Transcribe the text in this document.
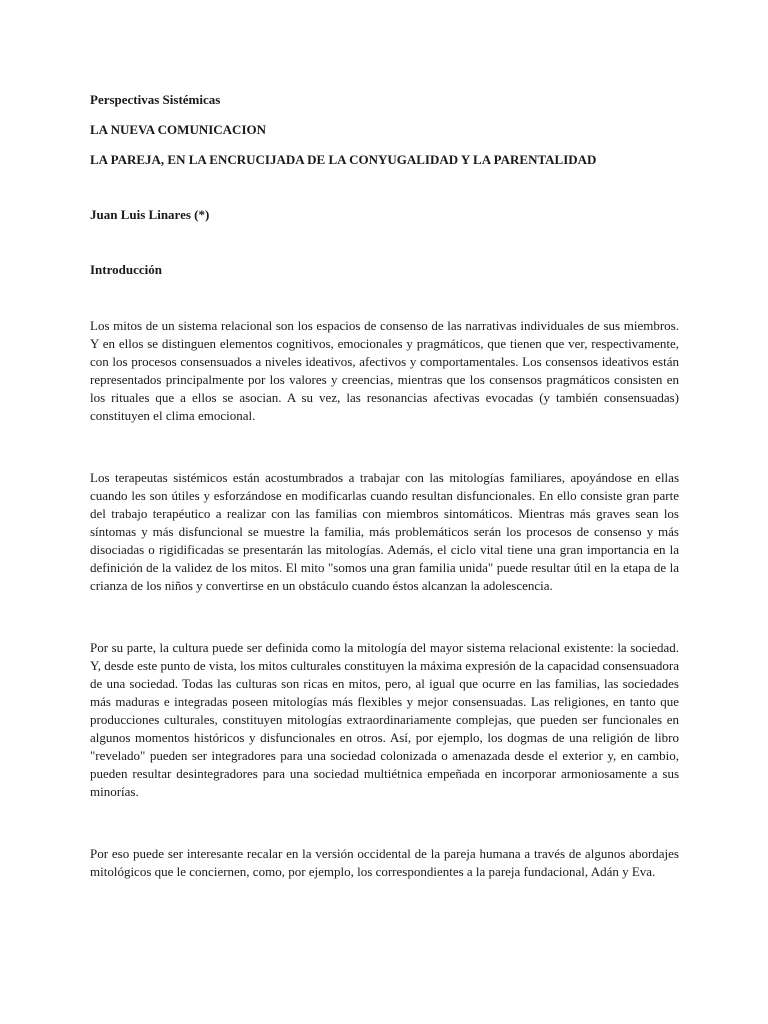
Perspectivas Sistémicas

LA NUEVA COMUNICACION

LA PAREJA, EN LA ENCRUCIJADA DE LA CONYUGALIDAD Y LA PARENTALIDAD

Juan Luis Linares (*)

Introducción

Los mitos de un sistema relacional son los espacios de consenso de las narrativas individuales de sus miembros. Y en ellos se distinguen elementos cognitivos, emocionales y pragmáticos, que tienen que ver, respectivamente, con los procesos consensuados a niveles ideativos, afectivos y comportamentales. Los consensos ideativos están representados principalmente por los valores y creencias, mientras que los consensos pragmáticos consisten en los rituales que a ellos se asocian. A su vez, las resonancias afectivas evocadas (y también consensuadas) constituyen el clima emocional.

Los terapeutas sistémicos están acostumbrados a trabajar con las mitologías familiares, apoyándose en ellas cuando les son útiles y esforzándose en modificarlas cuando resultan disfuncionales. En ello consiste gran parte del trabajo terapéutico a realizar con las familias con miembros sintomáticos. Mientras más graves sean los síntomas y más disfuncional se muestre la familia, más problemáticos serán los procesos de consenso y más disociadas o rigidificadas se presentarán las mitologías. Además, el ciclo vital tiene una gran importancia en la definición de la validez de los mitos. El mito "somos una gran familia unida" puede resultar útil en la etapa de la crianza de los niños y convertirse en un obstáculo cuando éstos alcanzan la adolescencia.

Por su parte, la cultura puede ser definida como la mitología del mayor sistema relacional existente: la sociedad. Y, desde este punto de vista, los mitos culturales constituyen la máxima expresión de la capacidad consensuadora de una sociedad. Todas las culturas son ricas en mitos, pero, al igual que ocurre en las familias, las sociedades más maduras e integradas poseen mitologías más flexibles y mejor consensuadas. Las religiones, en tanto que producciones culturales, constituyen mitologías extraordinariamente complejas, que pueden ser funcionales en algunos momentos históricos y disfuncionales en otros. Así, por ejemplo, los dogmas de una religión de libro "revelado" pueden ser integradores para una sociedad colonizada o amenazada desde el exterior y, en cambio, pueden resultar desintegradores para una sociedad multiétnica empeñada en incorporar armoniosamente a sus minorías.

Por eso puede ser interesante recalar en la versión occidental de la pareja humana a través de algunos abordajes mitológicos que le conciernen, como, por ejemplo, los correspondientes a la pareja fundacional, Adán y Eva.
